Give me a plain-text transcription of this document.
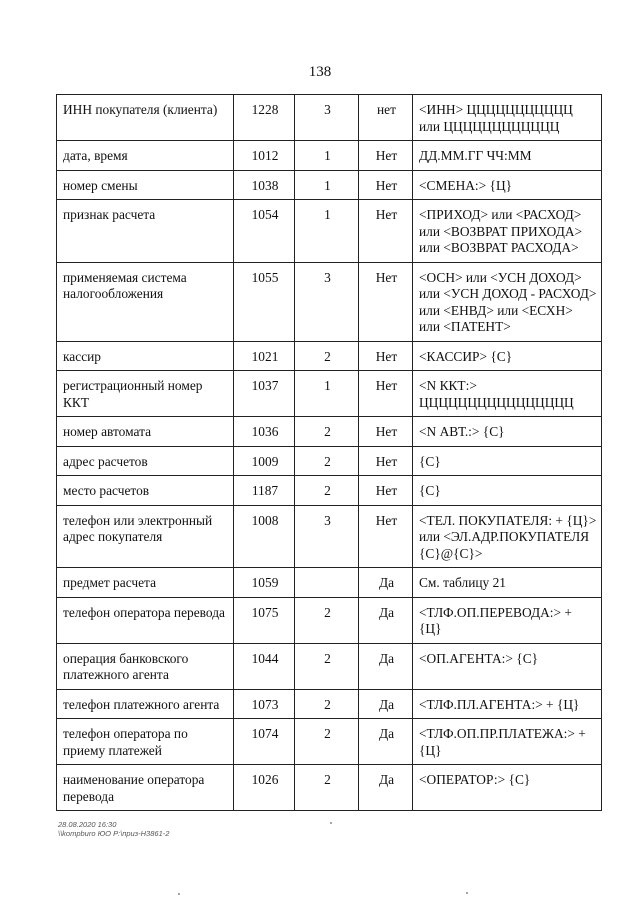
138
ИНН покупателя (клиента)	1228	3	нет	<ИНН> ЦЦЦЦЦЦЦЦЦЦЦ или ЦЦЦЦЦЦЦЦЦЦЦЦ
дата, время	1012	1	Нет	ДД.ММ.ГГ ЧЧ:ММ
номер смены	1038	1	Нет	<СМЕНА:> {Ц}
признак расчета	1054	1	Нет	<ПРИХОД> или <РАСХОД> или <ВОЗВРАТ ПРИХОДА> или <ВОЗВРАТ РАСХОДА>
применяемая система налогообложения	1055	3	Нет	<ОСН> или <УСН ДОХОД> или <УСН ДОХОД - РАСХОД> или <ЕНВД> или <ЕСХН> или <ПАТЕНТ>
кассир	1021	2	Нет	<КАССИР> {С}
регистрационный номер ККТ	1037	1	Нет	<N ККТ:> ЦЦЦЦЦЦЦЦЦЦЦЦЦЦЦЦ
номер автомата	1036	2	Нет	<N АВТ.:> {С}
адрес расчетов	1009	2	Нет	{С}
место расчетов	1187	2	Нет	{С}
телефон или электронный адрес покупателя	1008	3	Нет	<ТЕЛ. ПОКУПАТЕЛЯ: + {Ц}> или <ЭЛ.АДР.ПОКУПАТЕЛЯ {С}@{С}>
предмет расчета	1059		Да	См. таблицу 21
телефон оператора перевода	1075	2	Да	<ТЛФ.ОП.ПЕРЕВОДА:> + {Ц}
операция банковского платежного агента	1044	2	Да	<ОП.АГЕНТА:> {С}
телефон платежного агента	1073	2	Да	<ТЛФ.ПЛ.АГЕНТА:> + {Ц}
телефон оператора по приему платежей	1074	2	Да	<ТЛФ.ОП.ПР.ПЛАТЕЖА:> + {Ц}
наименование оператора перевода	1026	2	Да	<ОПЕРАТОР:> {С}
28.08.2020 16:30
\\kompburo ЮО Р:\приз-Н3861-2
